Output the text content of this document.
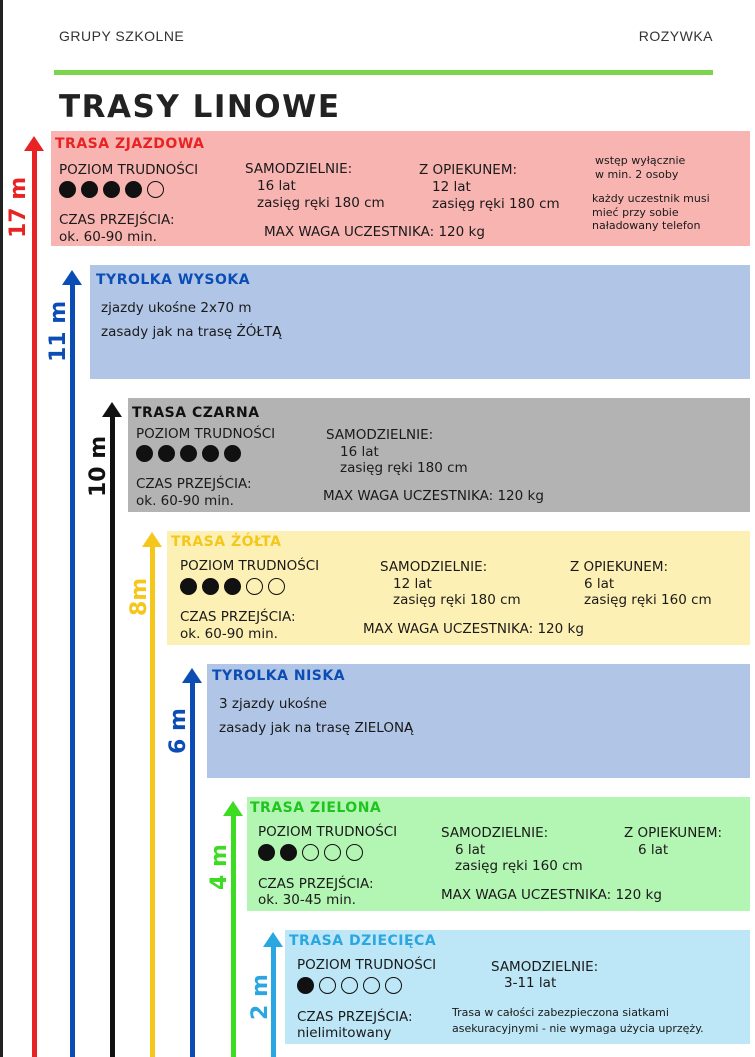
GRUPY SZKOLNE	ROZYWKA
TRASY LINOWE
17 m
11 m
10 m
8m
6 m
4 m
2 m
TRASA ZJAZDOWA
POZIOM TRUDNOŚCI
CZAS PRZEJŚCIA:
ok. 60-90 min.
SAMODZIELNIE:
16 lat
zasięg ręki 180 cm
Z OPIEKUNEM:
12 lat
zasięg ręki 180 cm
MAX WAGA UCZESTNIKA: 120 kg
wstęp wyłącznie
w min. 2 osoby
każdy uczestnik musi
mieć przy sobie
naładowany telefon
TYROLKA WYSOKA
zjazdy ukośne 2x70 m
zasady jak na trasę ŻÓŁTĄ
TRASA CZARNA
POZIOM TRUDNOŚCI
CZAS PRZEJŚCIA:
ok. 60-90 min.
SAMODZIELNIE:
16 lat
zasięg ręki 180 cm
MAX WAGA UCZESTNIKA: 120 kg
TRASA ŻÓŁTA
POZIOM TRUDNOŚCI
CZAS PRZEJŚCIA:
ok. 60-90 min.
SAMODZIELNIE:
12 lat
zasięg ręki 180 cm
Z OPIEKUNEM:
6 lat
zasięg ręki 160 cm
MAX WAGA UCZESTNIKA: 120 kg
TYROLKA NISKA
3 zjazdy ukośne
zasady jak na trasę ZIELONĄ
TRASA ZIELONA
POZIOM TRUDNOŚCI
CZAS PRZEJŚCIA:
ok. 30-45 min.
SAMODZIELNIE:
6 lat
zasięg ręki 160 cm
Z OPIEKUNEM:
6 lat
MAX WAGA UCZESTNIKA: 120 kg
TRASA DZIECIĘCA
POZIOM TRUDNOŚCI
CZAS PRZEJŚCIA:
nielimitowany
SAMODZIELNIE:
3-11 lat
Trasa w całości zabezpieczona siatkami
asekuracyjnymi - nie wymaga użycia uprzęży.
